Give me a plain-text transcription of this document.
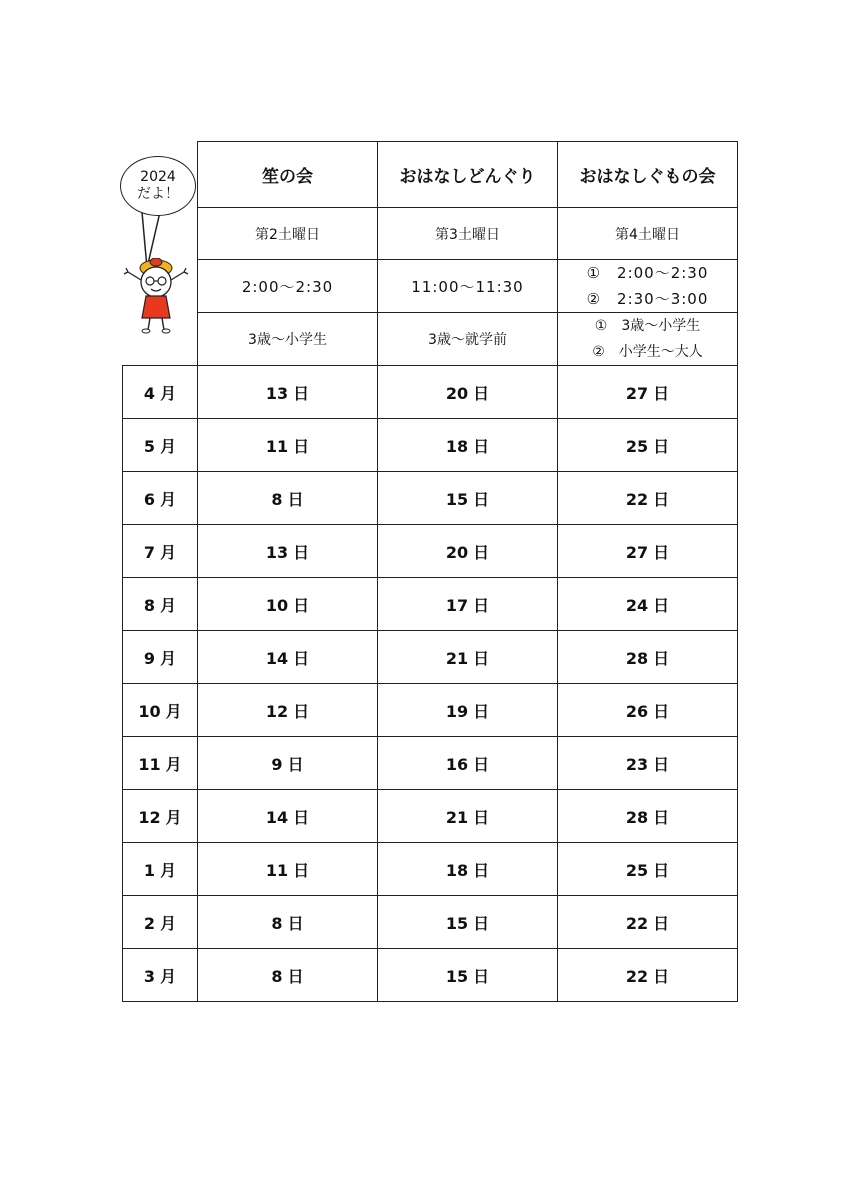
2024
だよ！
	笙の会	おはなしどんぐり	おはなしぐもの会
	第2土曜日	第3土曜日	第4土曜日

	2:00〜2:30	11:00〜11:30	①　2:00〜2:30
②　2:30〜3:00

	3歳〜小学生	3歳〜就学前	①　3歳〜小学生
②　小学生〜大人

4 月	13 日	20 日	27 日
5 月	11 日	18 日	25 日
6 月	8 日	15 日	22 日
7 月	13 日	20 日	27 日
8 月	10 日	17 日	24 日
9 月	14 日	21 日	28 日
10 月	12 日	19 日	26 日
11 月	9 日	16 日	23 日
12 月	14 日	21 日	28 日
1 月	11 日	18 日	25 日
2 月	8 日	15 日	22 日
3 月	8 日	15 日	22 日
